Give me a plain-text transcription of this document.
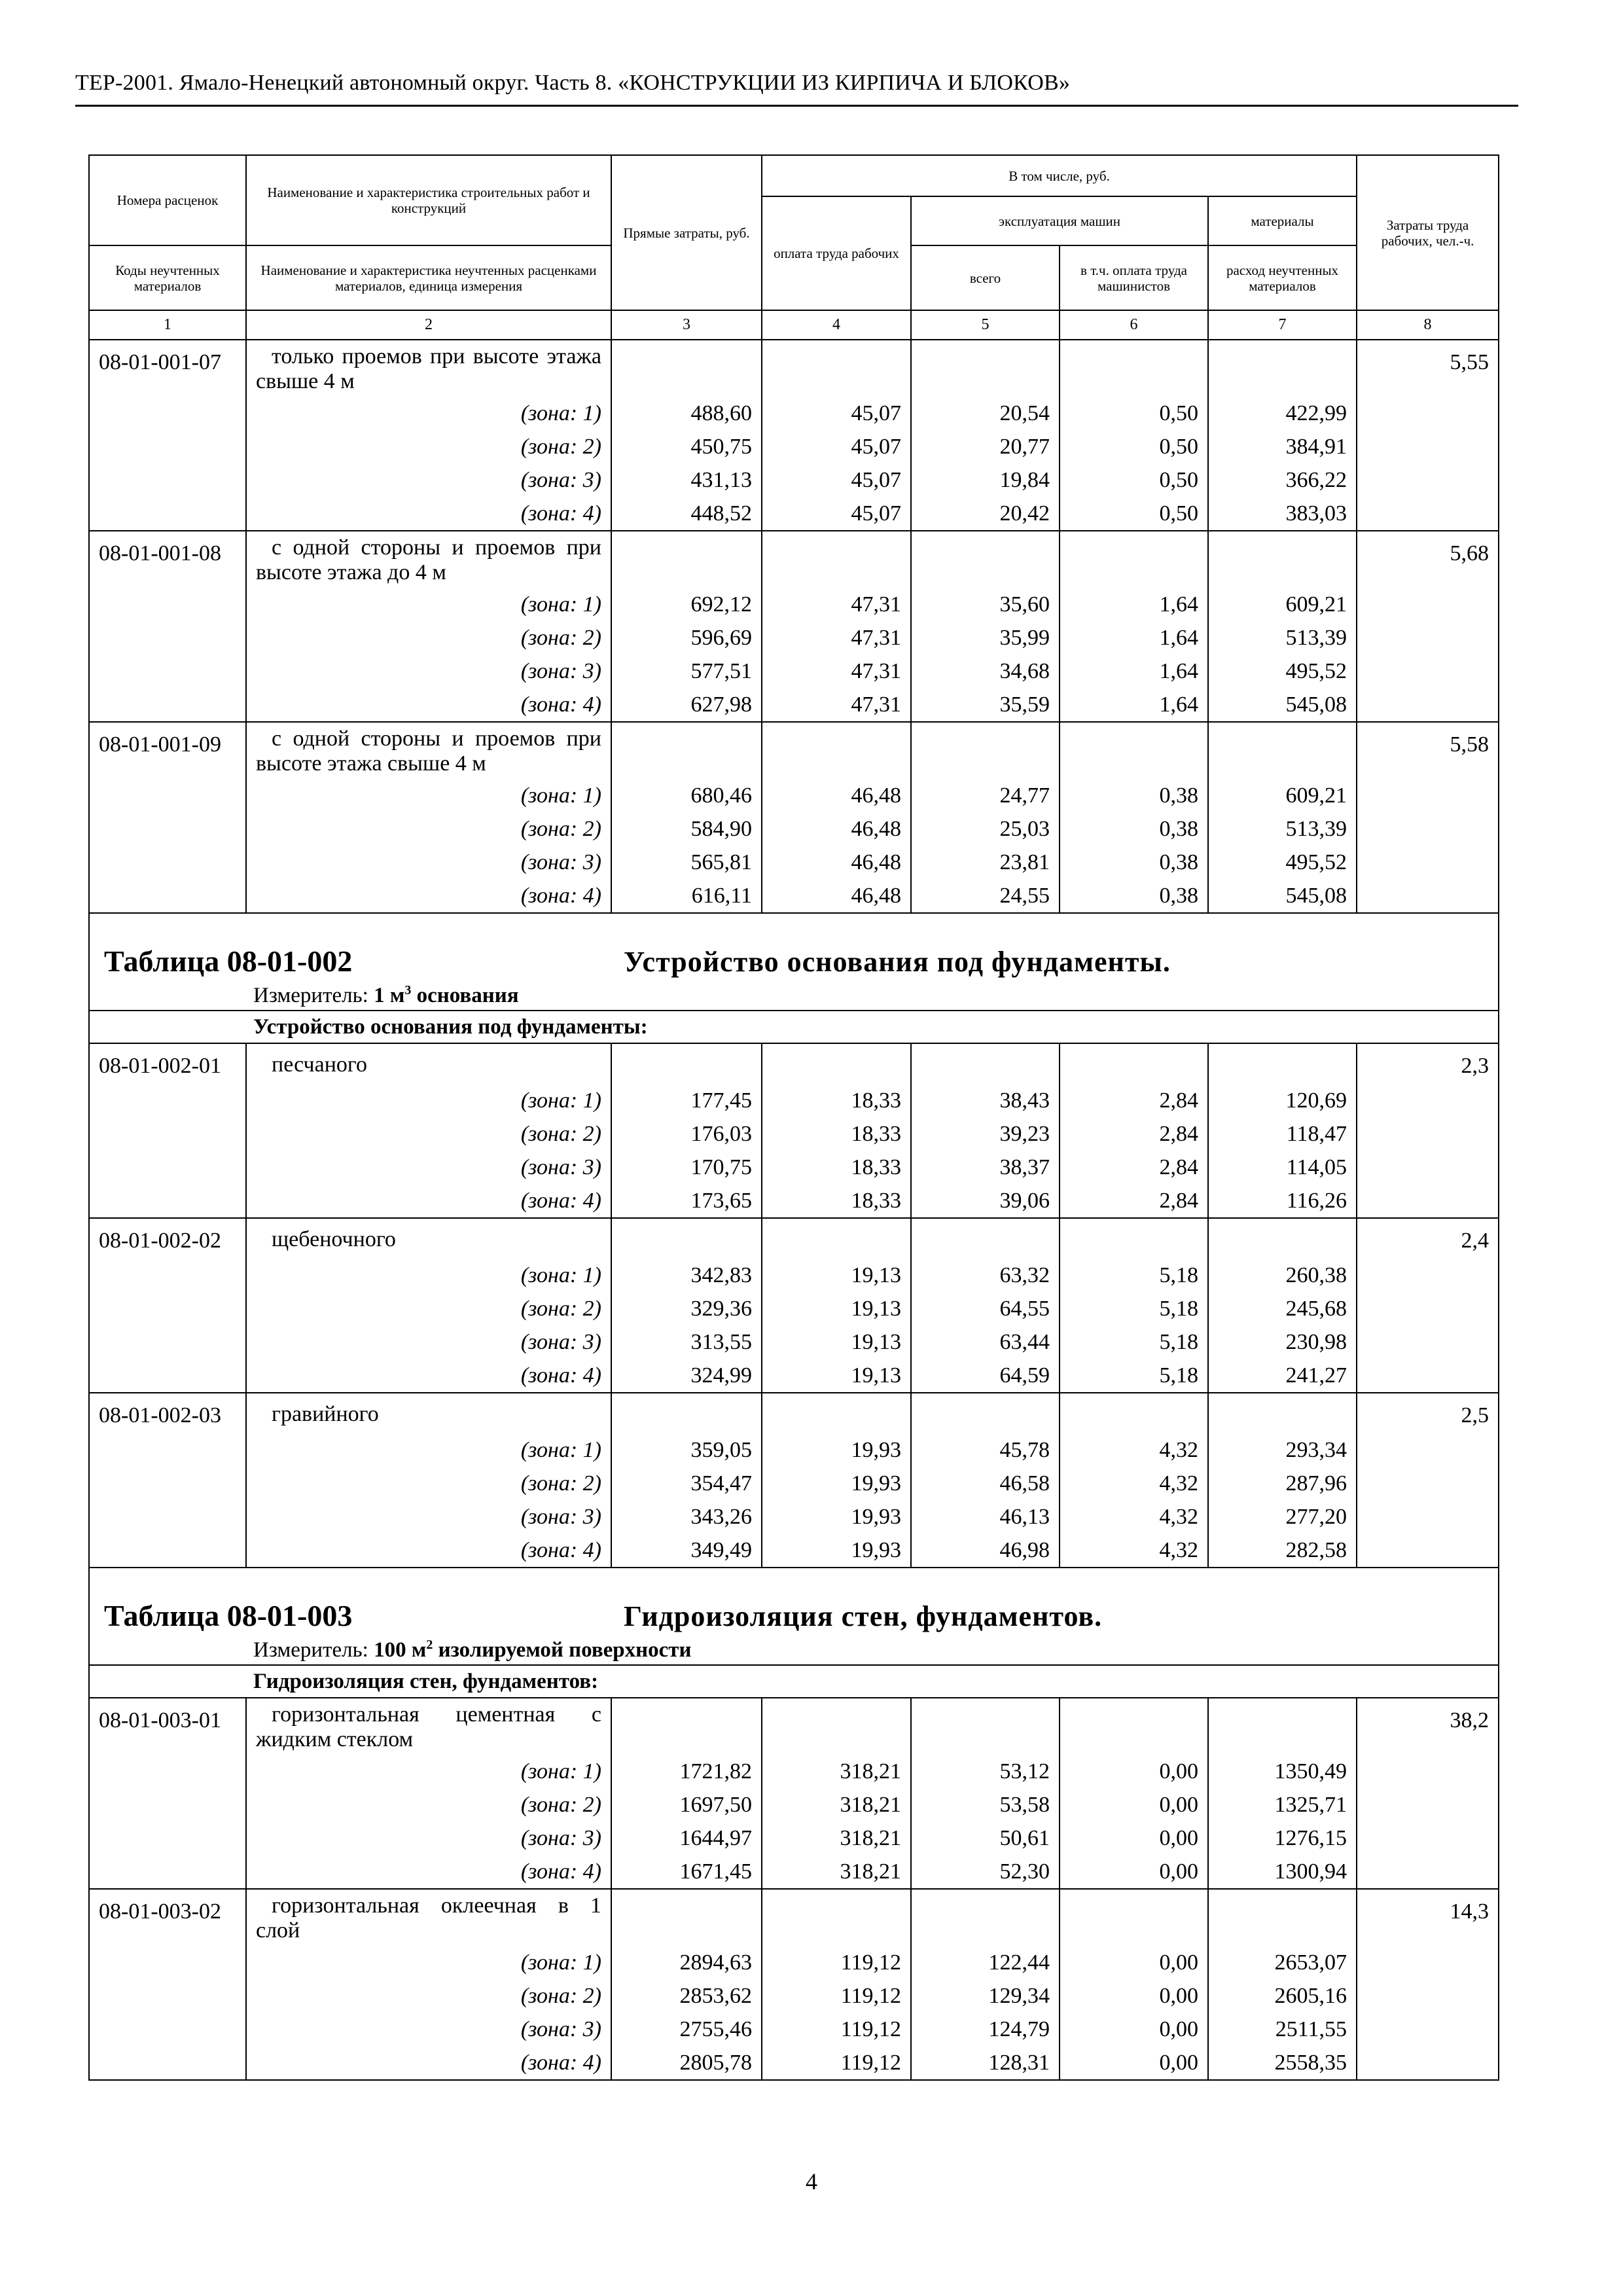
ТЕР-2001. Ямало-Ненецкий автономный округ. Часть 8. «КОНСТРУКЦИИ ИЗ КИРПИЧА И БЛОКОВ»
Номера расценок	Наименование и характеристика строительных работ и конструкций	Прямые затраты, руб.	В том числе, руб.				Затраты труда рабочих, чел.-ч.
			оплата труда рабочих	эксплуатация машин		материалы	
Коды неучтенных материалов	Наименование и характеристика неучтенных расценками материалов, единица измерения			всего	в т.ч. оплата труда машинистов	расход неучтенных материалов	
1	2	3	4	5	6	7	8
08-01-001-07	только проемов при высоте этажа свыше 4 м						5,55
	(зона: 1)	488,60	45,07	20,54	0,50	422,99	
	(зона: 2)	450,75	45,07	20,77	0,50	384,91	
	(зона: 3)	431,13	45,07	19,84	0,50	366,22	
	(зона: 4)	448,52	45,07	20,42	0,50	383,03	
08-01-001-08	с одной стороны и проемов при высоте этажа до 4 м						5,68
	(зона: 1)	692,12	47,31	35,60	1,64	609,21	
	(зона: 2)	596,69	47,31	35,99	1,64	513,39	
	(зона: 3)	577,51	47,31	34,68	1,64	495,52	
	(зона: 4)	627,98	47,31	35,59	1,64	545,08	
08-01-001-09	с одной стороны и проемов при высоте этажа свыше 4 м						5,58
	(зона: 1)	680,46	46,48	24,77	0,38	609,21	
	(зона: 2)	584,90	46,48	25,03	0,38	513,39	
	(зона: 3)	565,81	46,48	23,81	0,38	495,52	
	(зона: 4)	616,11	46,48	24,55	0,38	545,08	
Таблица 08-01-002 Устройство основания под фундаменты.							
Измеритель: 1 $м^3$ основания							
Устройство основания под фундаменты:							
08-01-002-01	песчаного						2,3
	(зона: 1)	177,45	18,33	38,43	2,84	120,69	
	(зона: 2)	176,03	18,33	39,23	2,84	118,47	
	(зона: 3)	170,75	18,33	38,37	2,84	114,05	
	(зона: 4)	173,65	18,33	39,06	2,84	116,26	
08-01-002-02	щебеночного						2,4
	(зона: 1)	342,83	19,13	63,32	5,18	260,38	
	(зона: 2)	329,36	19,13	64,55	5,18	245,68	
	(зона: 3)	313,55	19,13	63,44	5,18	230,98	
	(зона: 4)	324,99	19,13	64,59	5,18	241,27	
08-01-002-03	гравийного						2,5
	(зона: 1)	359,05	19,93	45,78	4,32	293,34	
	(зона: 2)	354,47	19,93	46,58	4,32	287,96	
	(зона: 3)	343,26	19,93	46,13	4,32	277,20	
	(зона: 4)	349,49	19,93	46,98	4,32	282,58	
Таблица 08-01-003 Гидроизоляция стен, фундаментов.							
Измеритель: 100 $м^2$ изолируемой поверхности							
Гидроизоляция стен, фундаментов:							
08-01-003-01	горизонтальная цементная с жидким стеклом						38,2
	(зона: 1)	1721,82	318,21	53,12	0,00	1350,49	
	(зона: 2)	1697,50	318,21	53,58	0,00	1325,71	
	(зона: 3)	1644,97	318,21	50,61	0,00	1276,15	
	(зона: 4)	1671,45	318,21	52,30	0,00	1300,94	
08-01-003-02	горизонтальная оклеечная в 1 слой						14,3
	(зона: 1)	2894,63	119,12	122,44	0,00	2653,07	
	(зона: 2)	2853,62	119,12	129,34	0,00	2605,16	
	(зона: 3)	2755,46	119,12	124,79	0,00	2511,55	
	(зона: 4)	2805,78	119,12	128,31	0,00	2558,35	
4
